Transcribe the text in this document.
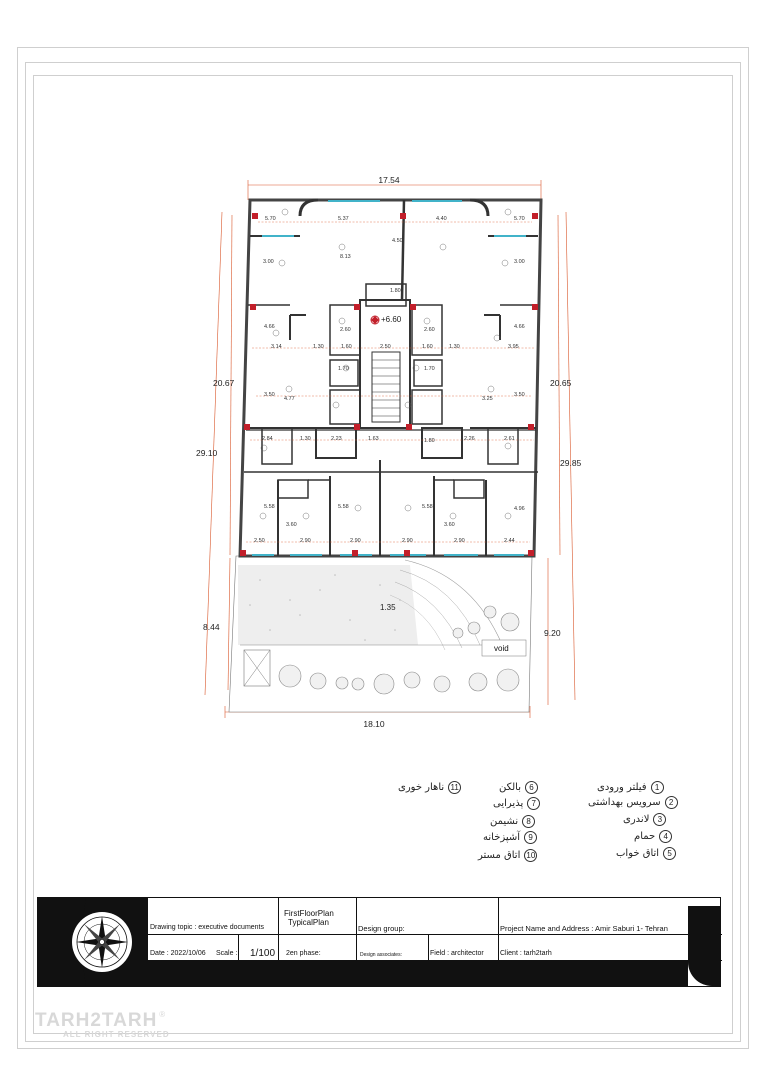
17.54
18.10
29.10
20.67
8.44
29.85
20.65
9.20
1.35
void
+6.60
5.70	5.37
4.50
4.40	5.70
3.00
8.13
3.00
1.80
4.66	2.60	2.60	4.66
3.14	1.30	1.60	2.50	1.60	1.30	3.95
1.70	1.70
3.50
4.77	3.25
3.50
2.84	1.30	2.23	1.63	1.80	2.26	2.61
5.58
3.60
5.58	5.58
3.60
4.96
2.50	2.90	2.90	2.90	2.90	2.44
1
فیلتر ورودی
2
سرویس بهداشتی
3
لاندری
4
حمام
5
اتاق خواب
6
بالکن
7
پذیرایی
8
نشیمن
9
آشپزخانه
10
اتاق مستر
11
ناهار خوری
Drawing topic : executive documents
FirstFloorPlan
TypicalPlan
Design group:	Project Name and Address : Amir Saburi 1- Tehran
Date : 2022/10/06 Scale : 1/100 2en phase:	Design associates:	Field : architector Client : tarh2tarh
TARH2TARH ®
ALL RIGHT RESERVED
